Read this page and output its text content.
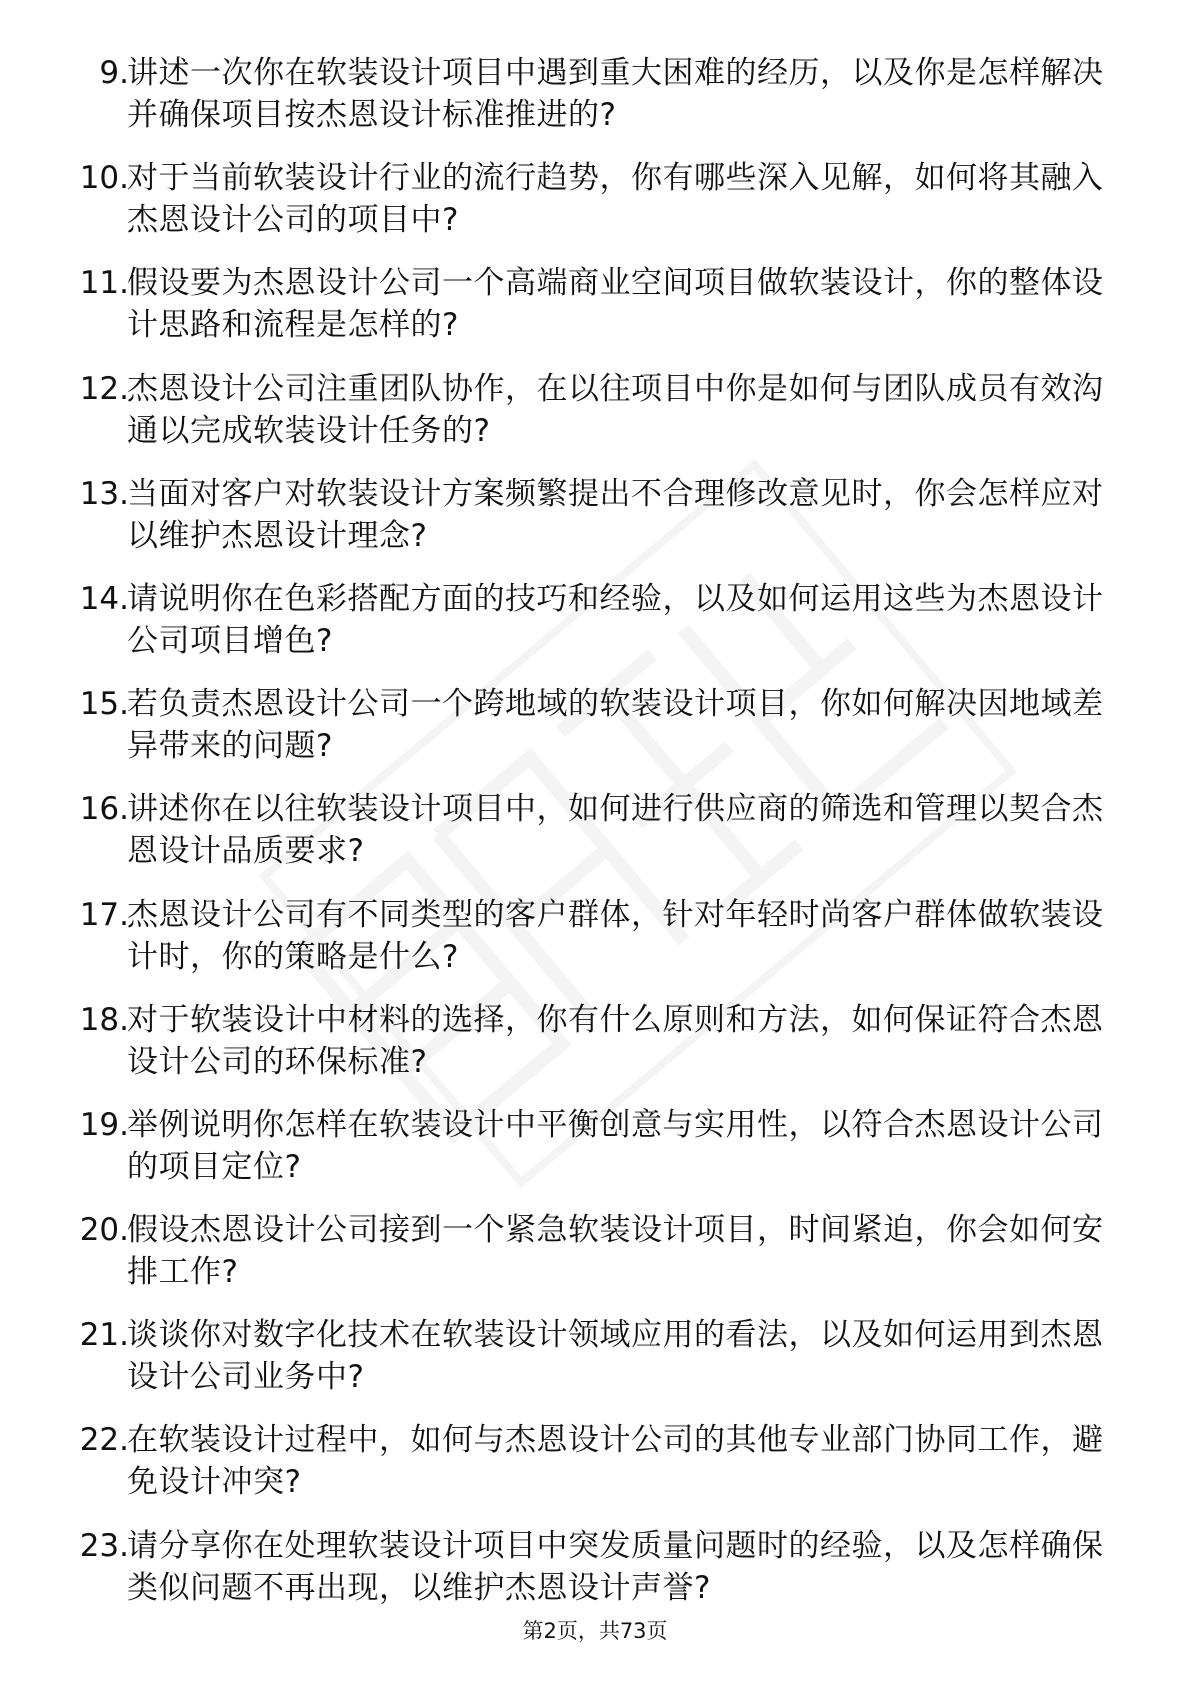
9.
讲述一次你在软装设计项目中遇到重大困难的经历，以及你是怎样解决并确保项目按杰恩设计标准推进的?
10.
对于当前软装设计行业的流行趋势，你有哪些深入见解，如何将其融入杰恩设计公司的项目中?
11.
假设要为杰恩设计公司一个高端商业空间项目做软装设计，你的整体设计思路和流程是怎样的?
12.
杰恩设计公司注重团队协作，在以往项目中你是如何与团队成员有效沟通以完成软装设计任务的?
13.
当面对客户对软装设计方案频繁提出不合理修改意见时，你会怎样应对以维护杰恩设计理念?
14.
请说明你在色彩搭配方面的技巧和经验，以及如何运用这些为杰恩设计公司项目增色?
15.
若负责杰恩设计公司一个跨地域的软装设计项目，你如何解决因地域差异带来的问题?
16.
讲述你在以往软装设计项目中，如何进行供应商的筛选和管理以契合杰恩设计品质要求?
17.
杰恩设计公司有不同类型的客户群体，针对年轻时尚客户群体做软装设计时，你的策略是什么?
18.
对于软装设计中材料的选择，你有什么原则和方法，如何保证符合杰恩设计公司的环保标准?
19.
举例说明你怎样在软装设计中平衡创意与实用性，以符合杰恩设计公司的项目定位?
20.
假设杰恩设计公司接到一个紧急软装设计项目，时间紧迫，你会如何安排工作?
21.
谈谈你对数字化技术在软装设计领域应用的看法，以及如何运用到杰恩设计公司业务中?
22.
在软装设计过程中，如何与杰恩设计公司的其他专业部门协同工作，避免设计冲突?
23.
请分享你在处理软装设计项目中突发质量问题时的经验，以及怎样确保类似问题不再出现，以维护杰恩设计声誉?
第2页，共73页
